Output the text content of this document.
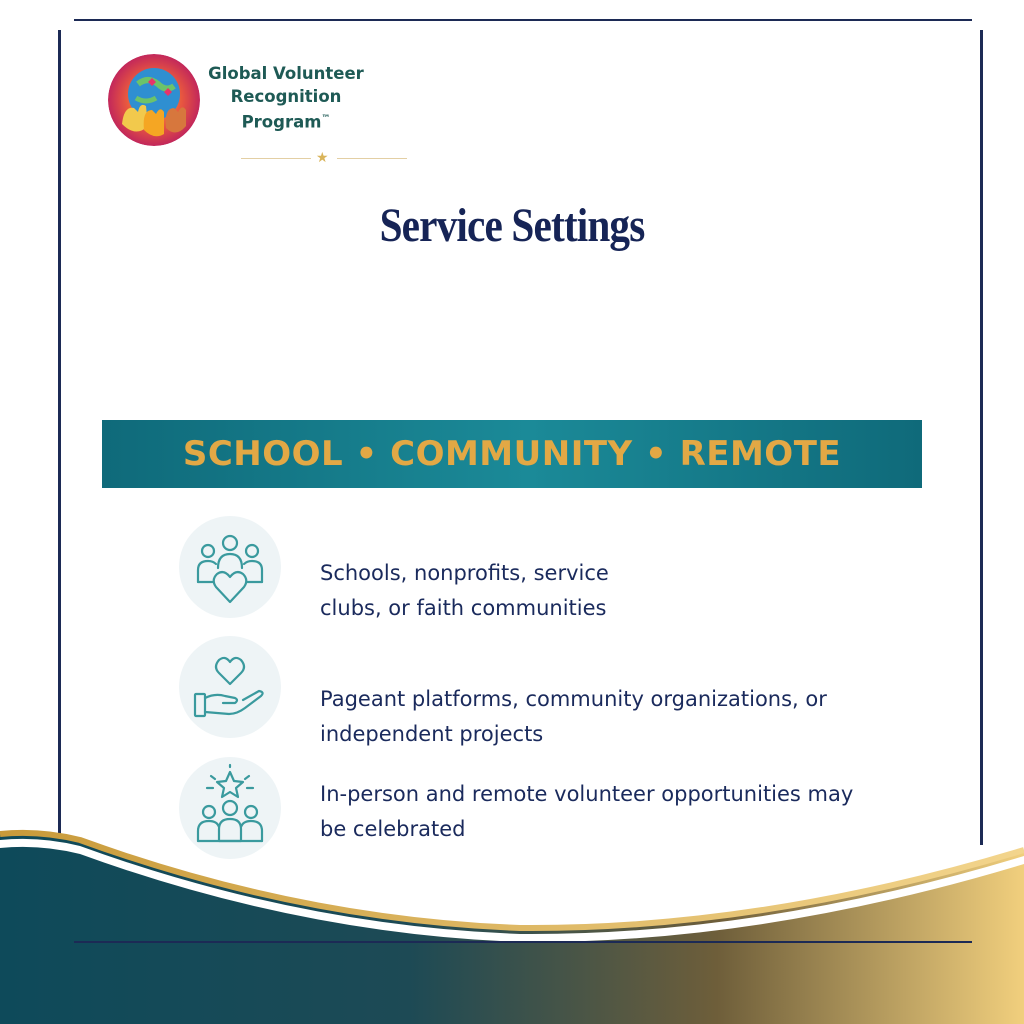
Global Volunteer
Recognition
Program™
★
Service Settings
SCHOOL • COMMUNITY • REMOTE
Schools, nonprofits, service clubs, or faith communities
Pageant platforms, community organizations, or independent projects
In-person and remote volunteer opportunities may be celebrated
